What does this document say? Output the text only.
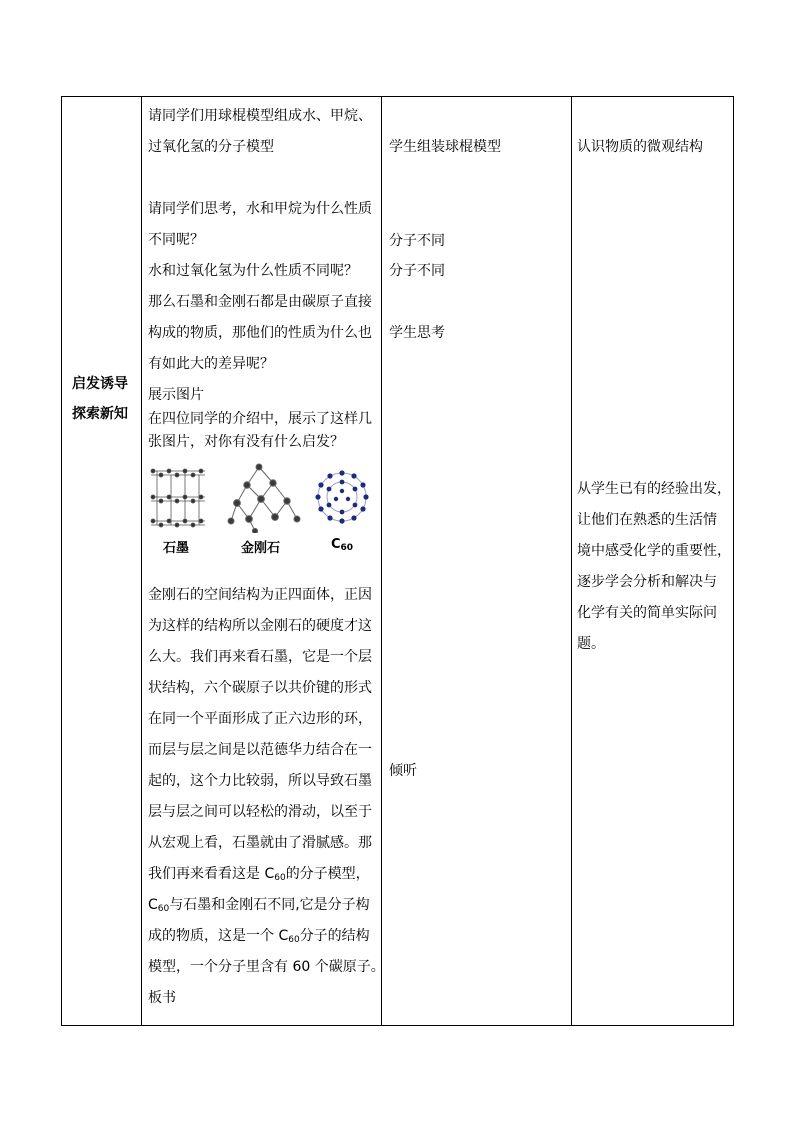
启发诱导
探索新知
请同学们用球棍模型组成水、甲烷、
过氧化氢的分子模型
请同学们思考，水和甲烷为什么性质
不同呢？
水和过氧化氢为什么性质不同呢？
那么石墨和金刚石都是由碳原子直接
构成的物质，那他们的性质为什么也
有如此大的差异呢？
展示图片
在四位同学的介绍中，展示了这样几
张图片，对你有没有什么启发？
石墨	金刚石	$C_{60}$
金刚石的空间结构为正四面体，正因
为这样的结构所以金刚石的硬度才这
么大。我们再来看石墨，它是一个层
状结构，六个碳原子以共价键的形式
在同一个平面形成了正六边形的环，
而层与层之间是以范德华力结合在一
起的，这个力比较弱，所以导致石墨
层与层之间可以轻松的滑动，以至于
从宏观上看，石墨就由了滑腻感。那
我们再来看看这是 $C_{60}$的分子模型，
$C_{60}$与石墨和金刚石不同,它是分子构
成的物质，这是一个 $C_{60}$分子的结构
模型，一个分子里含有 60 个碳原子。
板书
学生组装球棍模型
分子不同
分子不同
学生思考
倾听
认识物质的微观结构
从学生已有的经验出发，
让他们在熟悉的生活情
境中感受化学的重要性，
逐步学会分析和解决与
化学有关的简单实际问
题。
